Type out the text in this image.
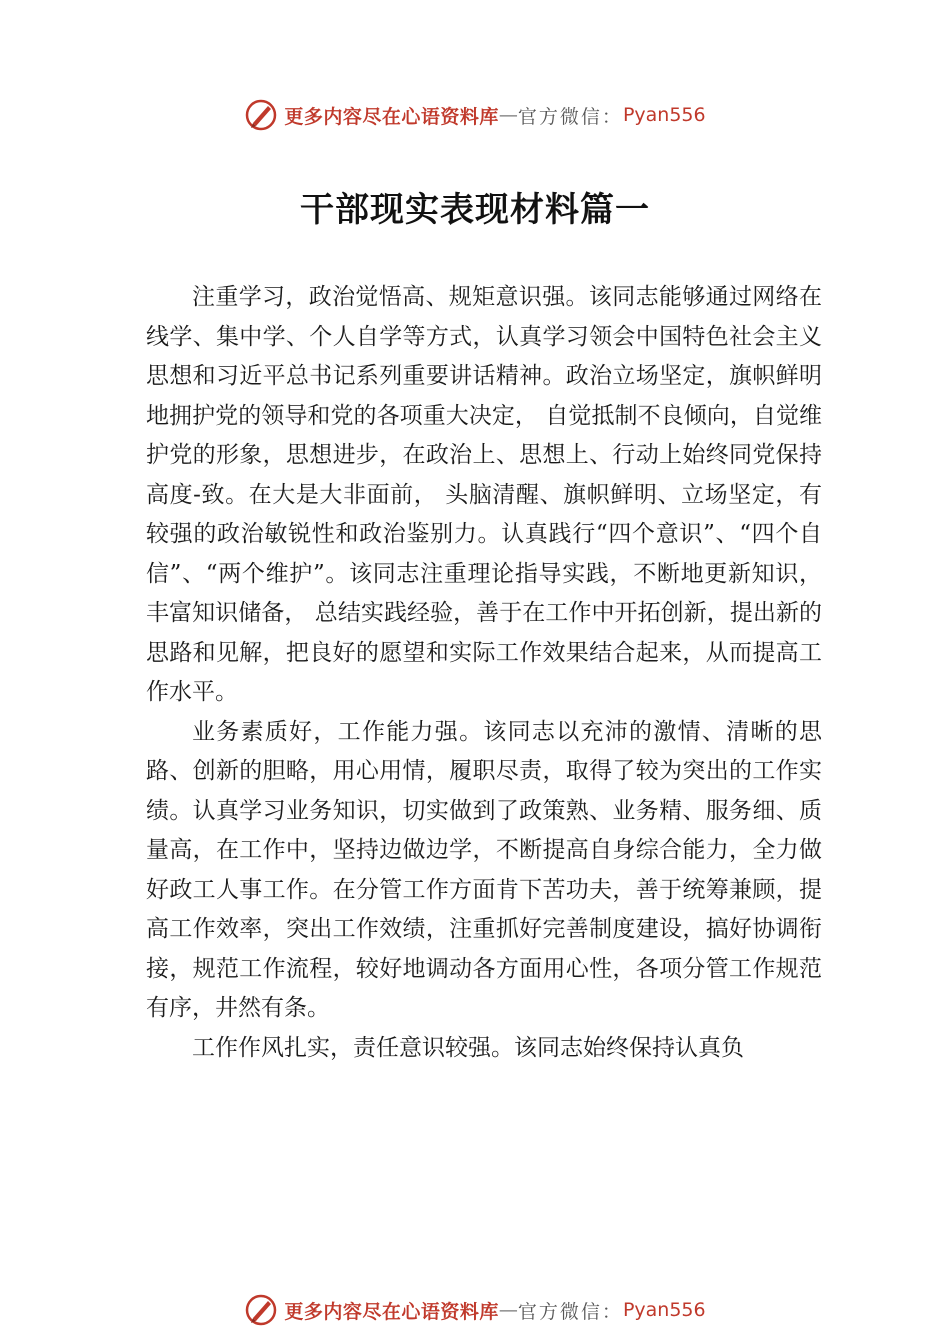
更多内容尽在心语资料库 — 官方微信： Pyan556
干部现实表现材料篇一

注重学习，政治觉悟高、规矩意识强。该同志能够通过网络在线学、集中学、个人自学等方式，认真学习领会中国特色社会主义思想和习近平总书记系列重要讲话精神。政治立场坚定，旗帜鲜明地拥护党的领导和党的各项重大决定， 自觉抵制不良倾向，自觉维护党的形象，思想进步，在政治上、思想上、行动上始终同党保持高度-致。在大是大非面前， 头脑清醒、旗帜鲜明、立场坚定，有较强的政治敏锐性和政治鉴别力。认真践行“四个意识”、“四个自信”、“两个维护”。该同志注重理论指导实践，不断地更新知识，丰富知识储备， 总结实践经验，善于在工作中开拓创新，提出新的思路和见解，把良好的愿望和实际工作效果结合起来，从而提高工作水平。

业务素质好，工作能力强。该同志以充沛的激情、清晰的思路、创新的胆略，用心用情，履职尽责，取得了较为突出的工作实绩。认真学习业务知识，切实做到了政策熟、业务精、服务细、质量高，在工作中，坚持边做边学，不断提高自身综合能力，全力做好政工人事工作。在分管工作方面肯下苦功夫，善于统筹兼顾，提高工作效率，突出工作效绩，注重抓好完善制度建设，搞好协调衔接，规范工作流程，较好地调动各方面用心性，各项分管工作规范有序，井然有条。

工作作风扎实，责任意识较强。该同志始终保持认真负

更多内容尽在心语资料库 — 官方微信： Pyan556
